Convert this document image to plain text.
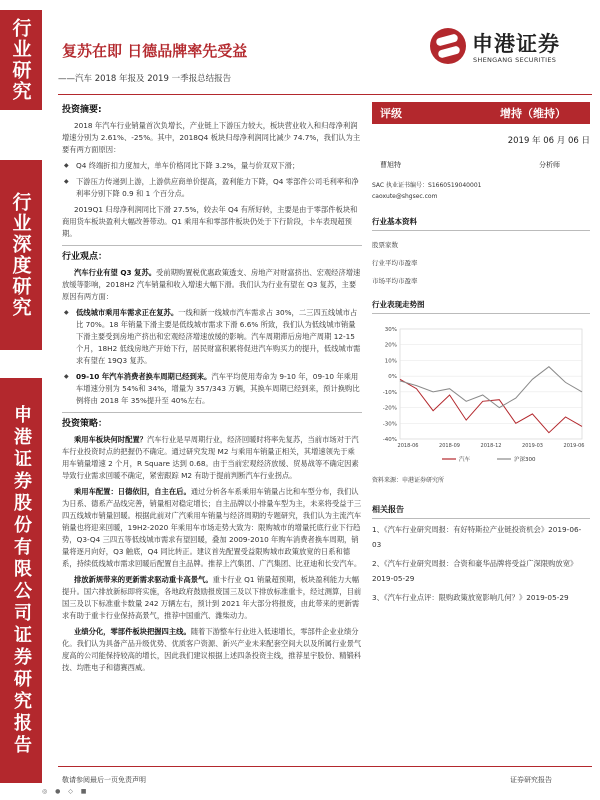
行业研究
行业深度研究
申港证券股份有限公司证券研究报告
复苏在即 日德品牌率先受益
——汽车 2018 年报及 2019 一季报总结报告
申港证券
SHENGANG SECURITIES
投资摘要:
2018 年汽车行业销量首次负增长，产业链上下游压力较大，板块营业收入和归母净利润增速分别为 2.61%、-25%。其中，2018Q4 板块归母净利润同比减少 74.7%，我们认为主要有两方面原因：
◆ Q4 终端折扣力度加大，单车价格同比下降 3.2%，量与价双双下滑；
◆ 下游压力传递到上游，上游供应商单价提高，盈利能力下降，Q4 零部件公司毛利率和净利率分别下降 0.9 和 1 个百分点。
2019Q1 归母净利润同比下滑 27.5%，较去年 Q4 有所好转，主要是由于零部件板块和商用货车板块盈利大幅改善带动。Q1 乘用车和零部件板块仍处于下行阶段，卡车表现超预期。
行业观点：
汽车行业有望 Q3 复苏。受前期购置税优惠政策透支、房地产对财富挤出、宏观经济增速放缓等影响，2018H2 汽车销量和收入增速大幅下滑。我们认为行业有望在 Q3 复苏，主要原因有两方面：
◆ 低线城市乘用车需求正在复苏。一线和新一线城市汽车需求占 30%，二三四五线城市占比 70%。18 年销量下滑主要是低线城市需求下滑 6.6% 所致，我们认为低线城市销量下滑主要受到房地产挤出和宏观经济增速放缓的影响。汽车周期滞后房地产周期 12-15 个月，18H2 低线房地产开始下行，居民财富积累将促进汽车购买力的提升，低线城市需求有望在 19Q3 复苏。
◆ 09-10 年汽车消费者换车周期已经到来。汽车平均使用寿命为 9-10 年，09-10 年乘用车增速分别为 54%和 34%，增量为 357/343 万辆，其换车周期已经到来，预计换购比例将由 2018 年 35%提升至 40%左右。
投资策略：
乘用车板块何时配置？汽车行业是早周期行业，经济回暖时将率先复苏，当前市场对于汽车行业投资时点的把握仍不确定。通过研究发现 M2 与乘用车销量正相关，其增速领先于乘用车销量增速 2 个月，R Square 达到 0.68。由于当前宏观经济放缓、贸易战等不确定因素导致行业需求回暖不确定，紧密跟踪 M2 有助于提前判断汽车行业拐点。
乘用车配置：日德依旧，自主在后。通过分析各车系乘用车销量占比和车型分布，我们认为日系、德系产品线完善，销量相对稳定增长；自主品牌以小排量车型为主，未来将受益于三四五线城市销量回暖。根据此前对广汽乘用车销量与经济周期的专题研究，我们认为主流汽车销量也将迎来回暖，19H2-2020 年乘用车市场走势大致为：限购城市的增量托底行业下行趋势，Q3-Q4 三四五等低线城市需求有望回暖，叠加 2009-2010 年购车消费者换车周期，销量将逐月向好，Q3 触底，Q4 同比转正。建议首先配置受益限购城市政策放宽的日系和德系，持续低线城市需求回暖后配置自主品牌。推荐上汽集团、广汽集团、比亚迪和长安汽车。
排放新规带来的更新需求驱动重卡高景气。重卡行业 Q1 销量超预期，板块盈利能力大幅提升。国六排放新标即将实施，各地政府鼓励报废国三及以下排放标准重卡，经过测算，目前国三及以下标准重卡数量 242 万辆左右，预计到 2021 年大部分将报废，由此带来的更新需求有助于重卡行业保持高景气，推荐中国重汽、潍柴动力。
业绩分化，零部件板块把握四主线。随着下游整车行业进入低速增长，零部件企业业绩分化。我们认为具备产品升级优势、优质客户资源、新兴产业未来配套空间大以及所属行业景气度高的公司能保持较高的增长，因此我们建议根据上述四条投资主线，推荐星宇股份、精锻科技、均胜电子和德赛西威。
评级	增持（维持）
2019 年 06 月 06 日
曹旭特	分析师
SAC 执业证书编号：S1660519040001
caoxute@shgsec.com
行业基本资料
股票家数
行业平均市盈率
市场平均市盈率
行业表现走势图
30%
20%
10%
0%
-10%
-20%
-30%
-40%
2018-06	2018-09	2018-12	2019-03	2019-06
汽车	沪深300
资料来源：申港证券研究所
相关报告
1、《汽车行业研究周报：有好特斯拉产业链投资机会》2019-06-03
2、《汽车行业研究周报：合资和豪华品牌将受益广深限购放宽》2019-05-29
3、《汽车行业点评：限购政策放宽影响几何？》2019-05-29
敬请参阅最后一页免责声明	证券研究报告
◎ ● ◇ ■
